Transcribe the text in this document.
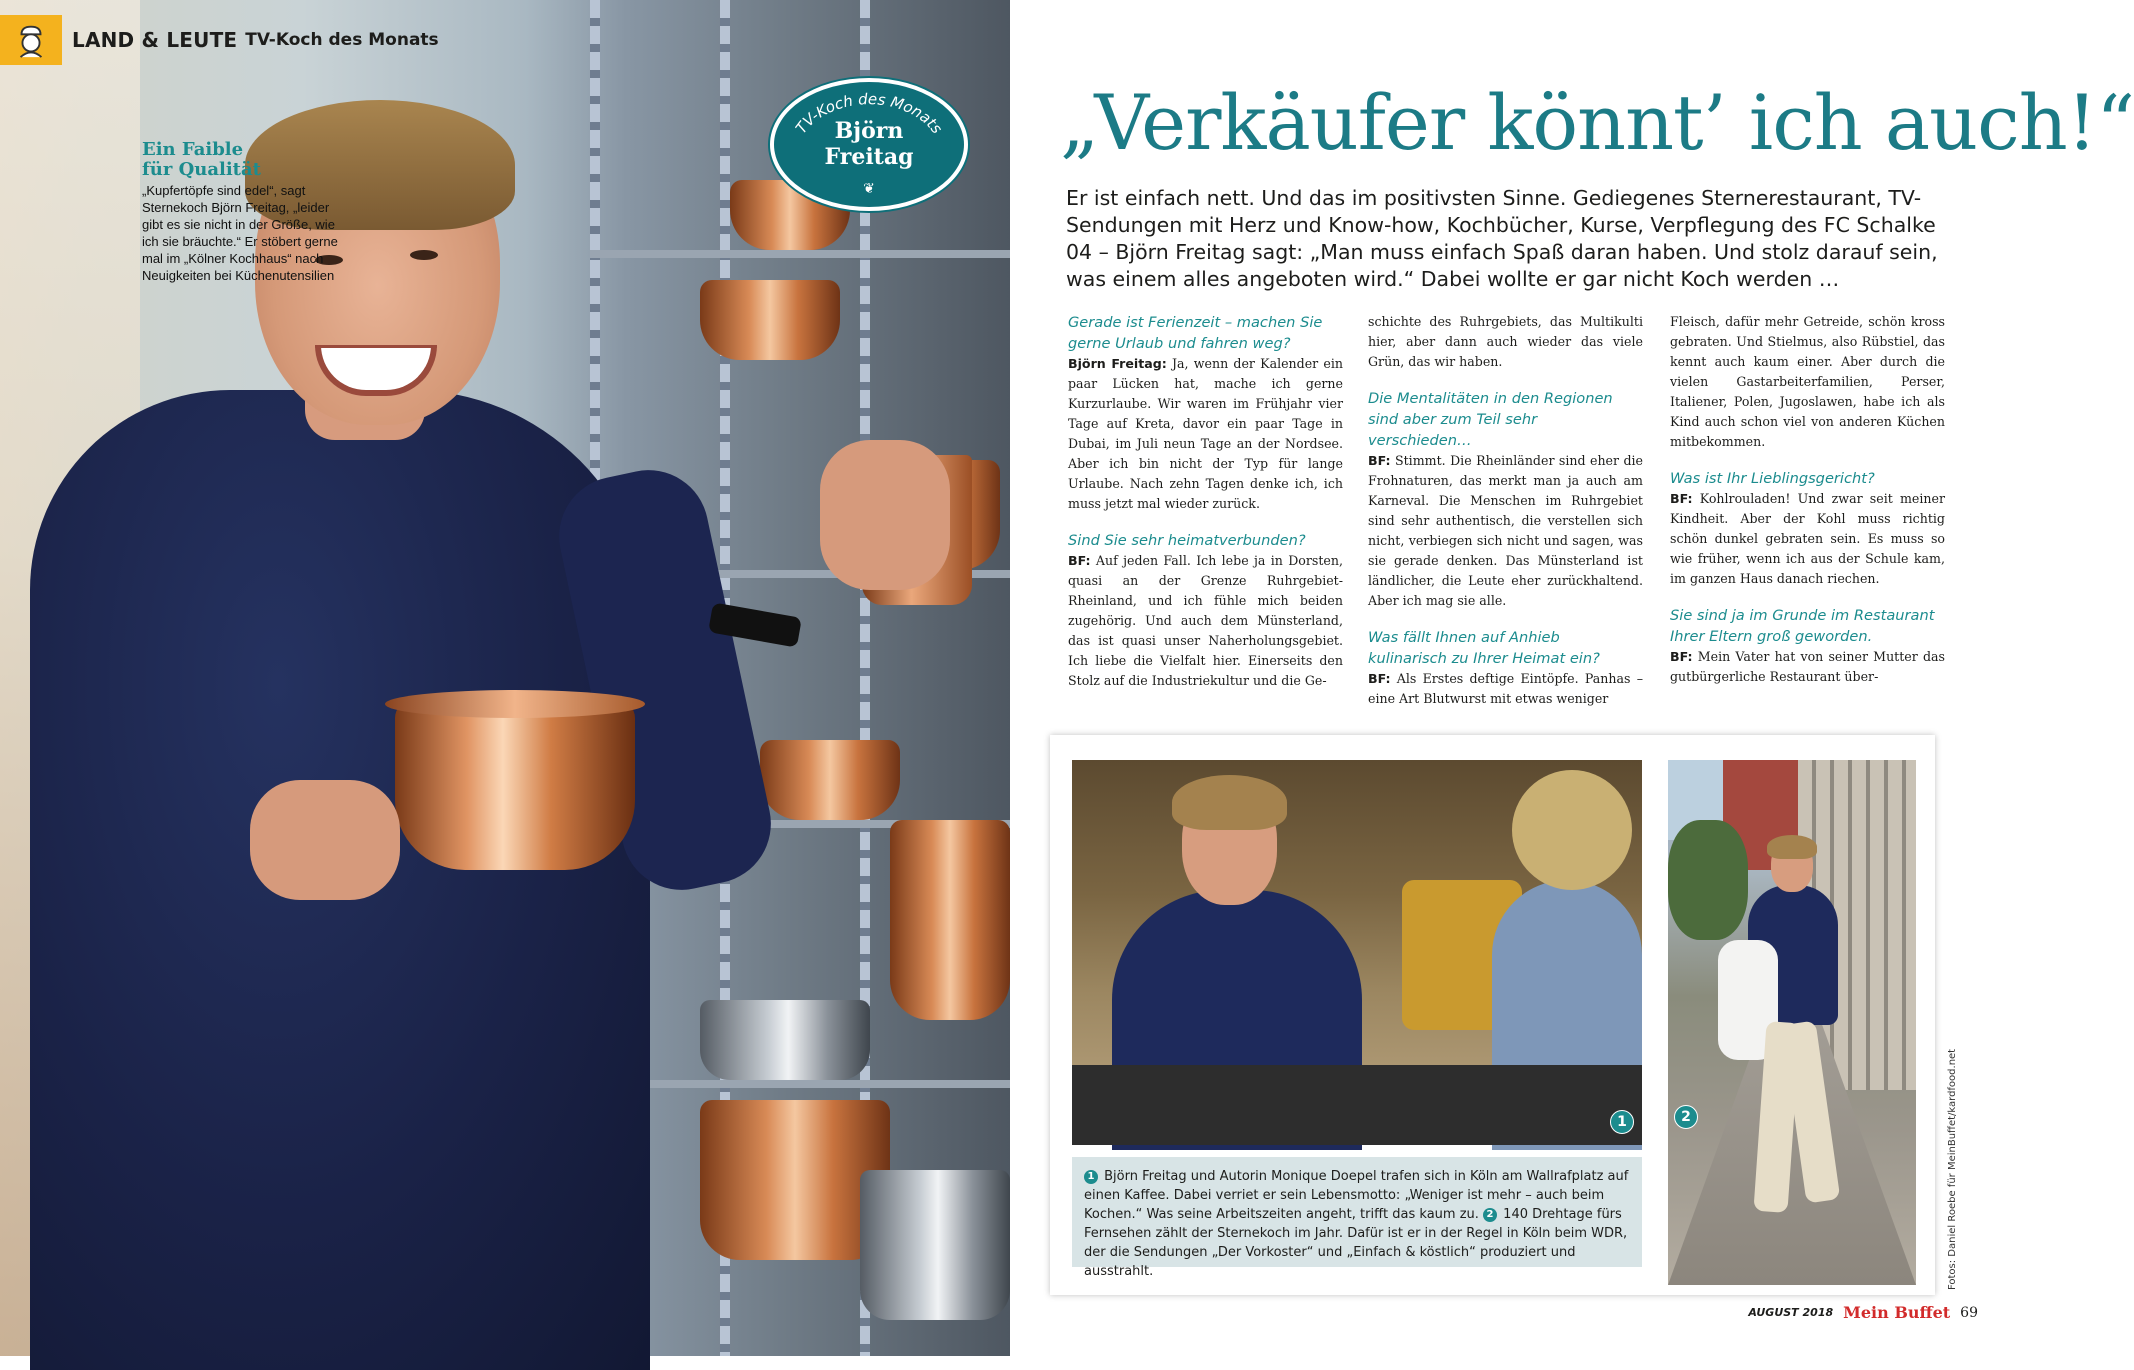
LAND & LEUTE TV-Koch des Monats
TV-Koch des Monats
Björn
Freitag
❦
Ein Faible
für Qualität
„Kupfertöpfe sind edel“, sagt Sternekoch Björn Freitag, „leider gibt es sie nicht in der Größe, wie ich sie bräuchte.“ Er stöbert gerne mal im „Kölner Kochhaus“ nach Neuigkeiten bei Küchenutensilien
„Verkäufer könnt’ ich auch!“
Er ist einfach nett. Und das im positivsten Sinne. Gediegenes Sternerestaurant, TV-Sendungen mit Herz und Know-how, Kochbücher, Kurse, Verpflegung des FC Schalke 04 – Björn Freitag sagt: „Man muss einfach Spaß daran haben. Und stolz darauf sein, was einem alles angeboten wird.“ Dabei wollte er gar nicht Koch werden …

Gerade ist Ferienzeit – machen Sie gerne Urlaub und fahren weg?

Björn Freitag: Ja, wenn der Kalender ein paar Lücken hat, mache ich gerne Kurzurlaube. Wir waren im Frühjahr vier Tage auf Kreta, davor ein paar Tage in Dubai, im Juli neun Tage an der Nordsee. Aber ich bin nicht der Typ für lange Urlaube. Nach zehn Tagen denke ich, ich muss jetzt mal wieder zurück.

Sind Sie sehr heimatverbunden?

BF: Auf jeden Fall. Ich lebe ja in Dorsten, quasi an der Grenze Ruhrgebiet-Rheinland, und ich fühle mich beiden zugehörig. Und auch dem Münsterland, das ist quasi unser Naherholungsgebiet. Ich liebe die Vielfalt hier. Einerseits den Stolz auf die Industriekultur und die Ge-

schichte des Ruhrgebiets, das Multikulti hier, aber dann auch wieder das viele Grün, das wir haben.

Die Mentalitäten in den Regionen sind aber zum Teil sehr verschieden…

BF: Stimmt. Die Rheinländer sind eher die Frohnaturen, das merkt man ja auch am Karneval. Die Menschen im Ruhrgebiet sind sehr authentisch, die verstellen sich nicht, verbiegen sich nicht und sagen, was sie gerade denken. Das Münsterland ist ländlicher, die Leute eher zurückhaltend. Aber ich mag sie alle.

Was fällt Ihnen auf Anhieb kulinarisch zu Ihrer Heimat ein?

BF: Als Erstes deftige Eintöpfe. Panhas – eine Art Blutwurst mit etwas weniger

Fleisch, dafür mehr Getreide, schön kross gebraten. Und Stielmus, also Rübstiel, das kennt auch kaum einer. Aber durch die vielen Gastarbeiterfamilien, Perser, Italiener, Polen, Jugoslawen, habe ich als Kind auch schon viel von anderen Küchen mitbekommen.

Was ist Ihr Lieblingsgericht?

BF: Kohlrouladen! Und zwar seit meiner Kindheit. Aber der Kohl muss richtig schön dunkel gebraten sein. Es muss so wie früher, wenn ich aus der Schule kam, im ganzen Haus danach riechen.

Sie sind ja im Grunde im Restaurant Ihrer Eltern groß geworden.

BF: Mein Vater hat von seiner Mutter das gutbürgerliche Restaurant über-

1	2
1 Björn Freitag und Autorin Monique Doepel trafen sich in Köln am Wallrafplatz auf einen Kaffee. Dabei verriet er sein Lebensmotto: „Weniger ist mehr – auch beim Kochen.“ Was seine Arbeitszeiten angeht, trifft das kaum zu. 2 140 Drehtage fürs Fernsehen zählt der Sternekoch im Jahr. Dafür ist er in der Regel in Köln beim WDR, der die Sendungen „Der Vorkoster“ und „Einfach & köstlich“ produziert und ausstrahlt.	Fotos: Daniel Roebe für MeinBuffet/kardfood.net
AUGUST 2018 Mein Buffet 69
